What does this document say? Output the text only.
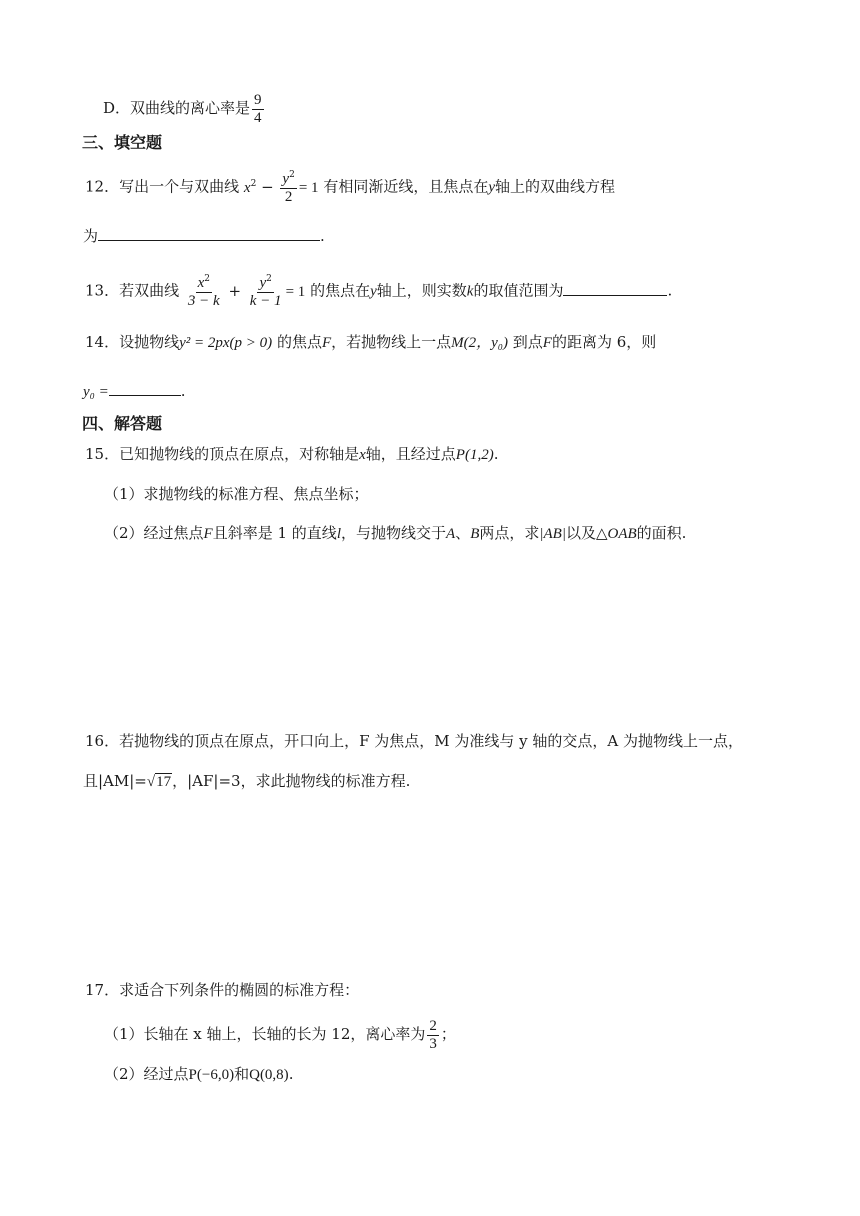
D．双曲线的离心率是 $\frac{9}{4}$
三、填空题
12．写出一个与双曲线 $x^2 - \frac{y^2}{2} = 1$ 有相同渐近线，且焦点在y轴上的双曲线方程
为	.
13．若双曲线 $\frac{x^2}{3 - k} + \frac{y^2}{k - 1} = 1$ 的焦点在y轴上，则实数k的取值范围为	.
14．设抛物线y² = 2px(p > 0) 的焦点F，若抛物线上一点M(2，y₀) 到点F的距离为 6，则
y₀ =	.
四、解答题
15．已知抛物线的顶点在原点，对称轴是x轴，且经过点P(1,2).
（1）求抛物线的标准方程、焦点坐标；
（2）经过焦点F且斜率是 1 的直线l，与抛物线交于A、B两点，求|AB|以及△OAB的面积.
16．若抛物线的顶点在原点，开口向上，F 为焦点，M 为准线与 y 轴的交点，A 为抛物线上一点，
且|AM|=√17，|AF|=3，求此抛物线的标准方程.
17．求适合下列条件的椭圆的标准方程：
（1）长轴在 x 轴上，长轴的长为 12，离心率为 $\frac{2}{3}$ ；
（2）经过点P(−6,0)和Q(0,8).
